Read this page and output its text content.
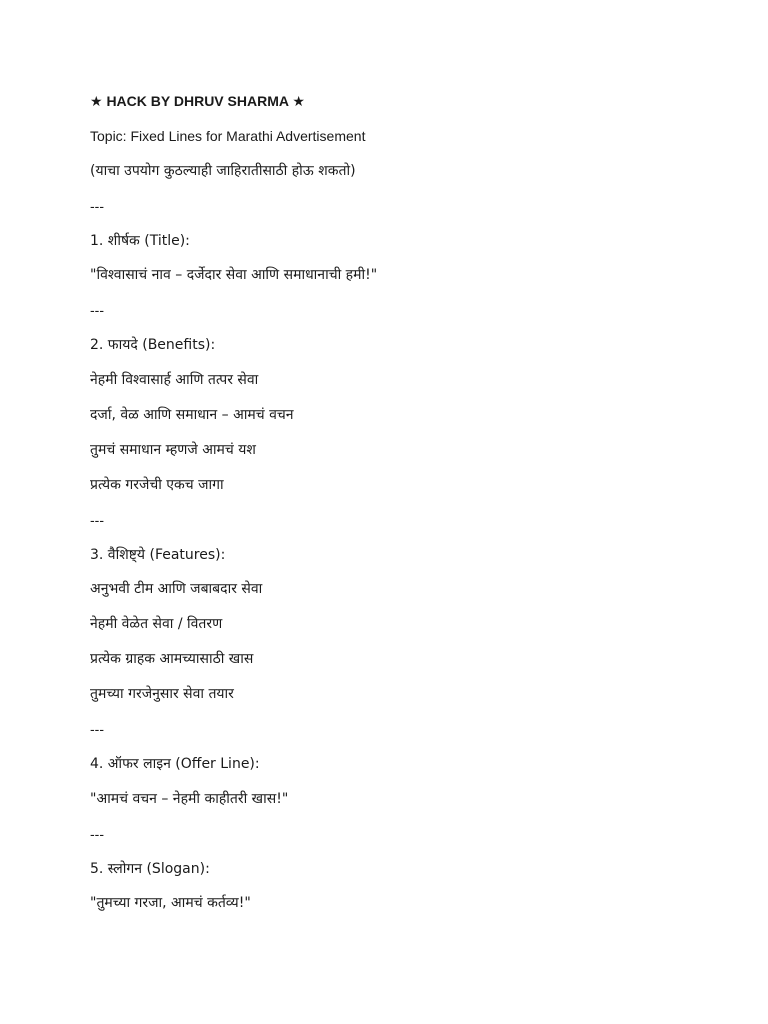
★ HACK BY DHRUV SHARMA ★
Topic: Fixed Lines for Marathi Advertisement
(याचा उपयोग कुठल्याही जाहिरातीसाठी होऊ शकतो)
---
1. शीर्षक (Title):
"विश्वासाचं नाव – दर्जेदार सेवा आणि समाधानाची हमी!"
---
2. फायदे (Benefits):
नेहमी विश्वासार्ह आणि तत्पर सेवा
दर्जा, वेळ आणि समाधान – आमचं वचन
तुमचं समाधान म्हणजे आमचं यश
प्रत्येक गरजेची एकच जागा
---
3. वैशिष्ट्ये (Features):
अनुभवी टीम आणि जबाबदार सेवा
नेहमी वेळेत सेवा / वितरण
प्रत्येक ग्राहक आमच्यासाठी खास
तुमच्या गरजेनुसार सेवा तयार
---
4. ऑफर लाइन (Offer Line):
"आमचं वचन – नेहमी काहीतरी खास!"
---
5. स्लोगन (Slogan):
"तुमच्या गरजा, आमचं कर्तव्य!"
